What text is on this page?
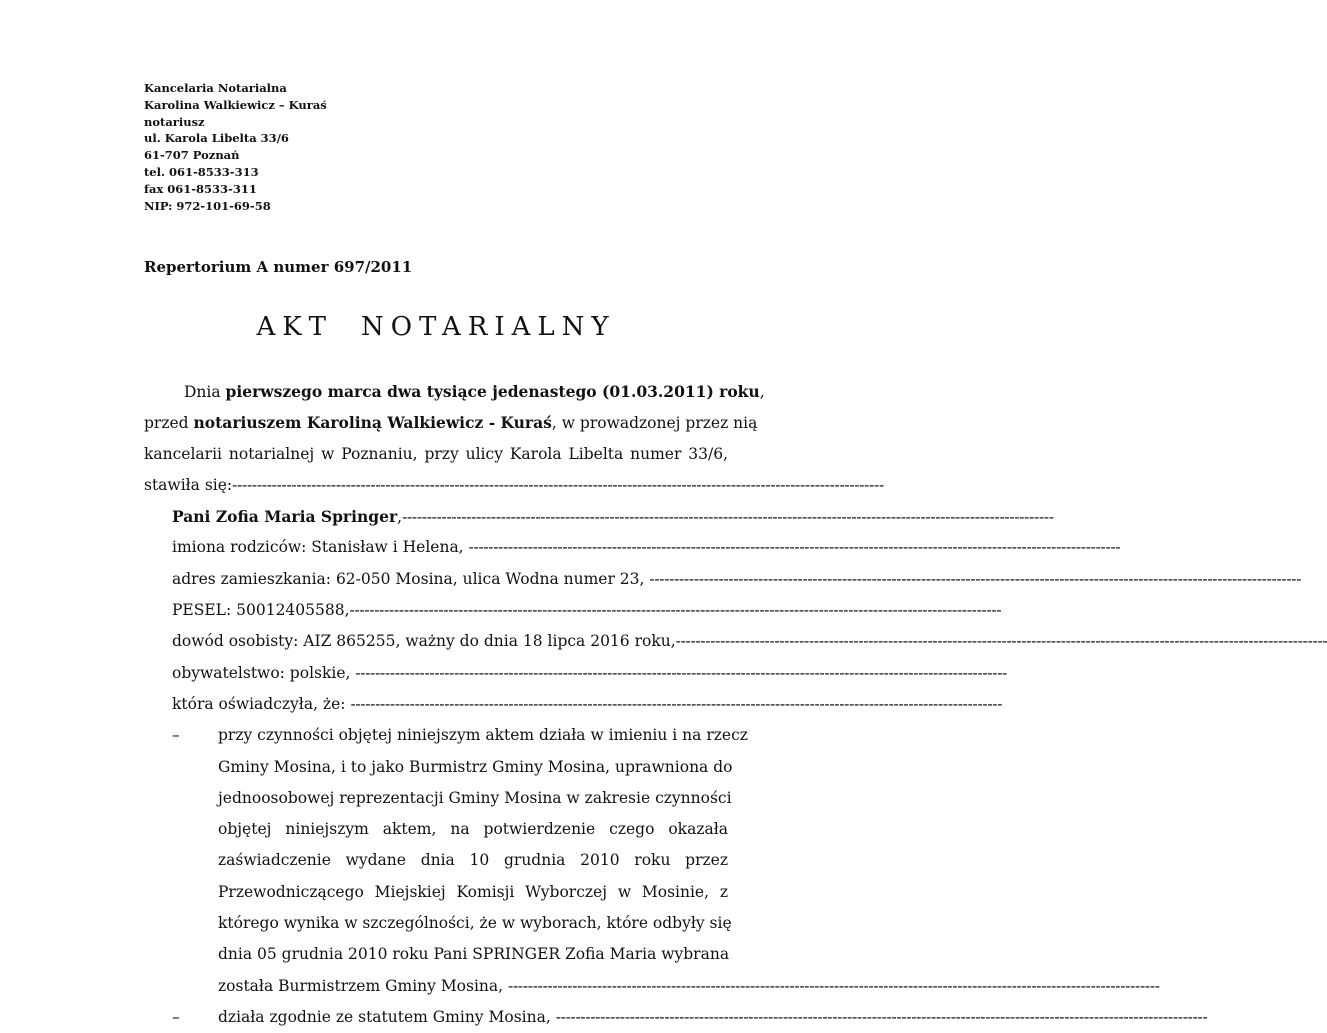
Kancelaria Notarialna
Karolina Walkiewicz – Kuraś
notariusz
ul. Karola Libelta 33/6
61-707 Poznań
tel. 061-8533-313
fax 061-8533-311
NIP: 972-101-69-58
Repertorium A numer 697/2011
AKT NOTARIALNY
Dnia pierwszego marca dwa tysiące jedenastego (01.03.2011) roku,
przed notariuszem Karoliną Walkiewicz - Kuraś, w prowadzonej przez nią
kancelarii notarialnej w Poznaniu, przy ulicy Karola Libelta numer 33/6,
stawiła się:------------------------------------------------------------------------------------------------------------------------------------
Pani Zofia Maria Springer,------------------------------------------------------------------------------------------------------------------------------------
imiona rodziców: Stanisław i Helena, ------------------------------------------------------------------------------------------------------------------------------------
adres zamieszkania: 62-050 Mosina, ulica Wodna numer 23, ------------------------------------------------------------------------------------------------------------------------------------
PESEL: 50012405588,------------------------------------------------------------------------------------------------------------------------------------
dowód osobisty: AIZ 865255, ważny do dnia 18 lipca 2016 roku,------------------------------------------------------------------------------------------------------------------------------------
obywatelstwo: polskie, ------------------------------------------------------------------------------------------------------------------------------------
która oświadczyła, że: ------------------------------------------------------------------------------------------------------------------------------------
– przy czynności objętej niniejszym aktem działa w imieniu i na rzecz
Gminy Mosina, i to jako Burmistrz Gminy Mosina, uprawniona do
jednoosobowej reprezentacji Gminy Mosina w zakresie czynności
objętej niniejszym aktem, na potwierdzenie czego okazała
zaświadczenie wydane dnia 10 grudnia 2010 roku przez
Przewodniczącego Miejskiej Komisji Wyborczej w Mosinie, z
którego wynika w szczególności, że w wyborach, które odbyły się
dnia 05 grudnia 2010 roku Pani SPRINGER Zofia Maria wybrana
została Burmistrzem Gminy Mosina, ------------------------------------------------------------------------------------------------------------------------------------
– działa zgodnie ze statutem Gminy Mosina, ------------------------------------------------------------------------------------------------------------------------------------
